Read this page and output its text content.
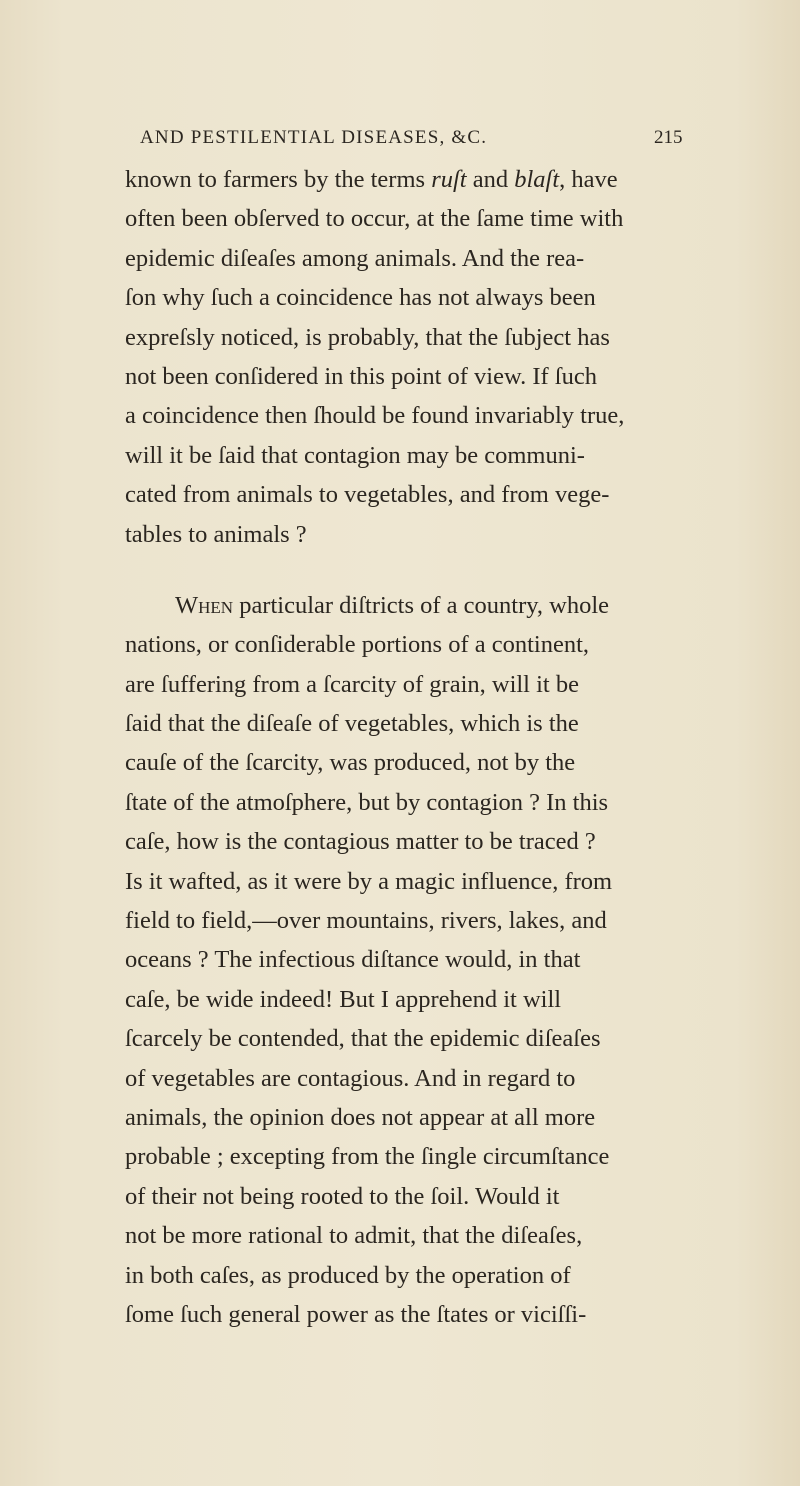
AND PESTILENTIAL DISEASES, &C.	215
known to farmers by the terms ruſt and blaſt, have
often been obſerved to occur, at the ſame time with
epidemic diſeaſes among animals. And the rea-
ſon why ſuch a coincidence has not always been
expreſsly noticed, is probably, that the ſubject has
not been conſidered in this point of view. If ſuch
a coincidence then ſhould be found invariably true,
will it be ſaid that contagion may be communi-
cated from animals to vegetables, and from vege-
tables to animals ?
When particular diſtricts of a country, whole
nations, or conſiderable portions of a continent,
are ſuffering from a ſcarcity of grain, will it be
ſaid that the diſeaſe of vegetables, which is the
cauſe of the ſcarcity, was produced, not by the
ſtate of the atmoſphere, but by contagion ? In this
caſe, how is the contagious matter to be traced ?
Is it wafted, as it were by a magic influence, from
field to field,—over mountains, rivers, lakes, and
oceans ? The infectious diſtance would, in that
caſe, be wide indeed! But I apprehend it will
ſcarcely be contended, that the epidemic diſeaſes
of vegetables are contagious. And in regard to
animals, the opinion does not appear at all more
probable ; excepting from the ſingle circumſtance
of their not being rooted to the ſoil. Would it
not be more rational to admit, that the diſeaſes,
in both caſes, as produced by the operation of
ſome ſuch general power as the ſtates or viciſſi-
